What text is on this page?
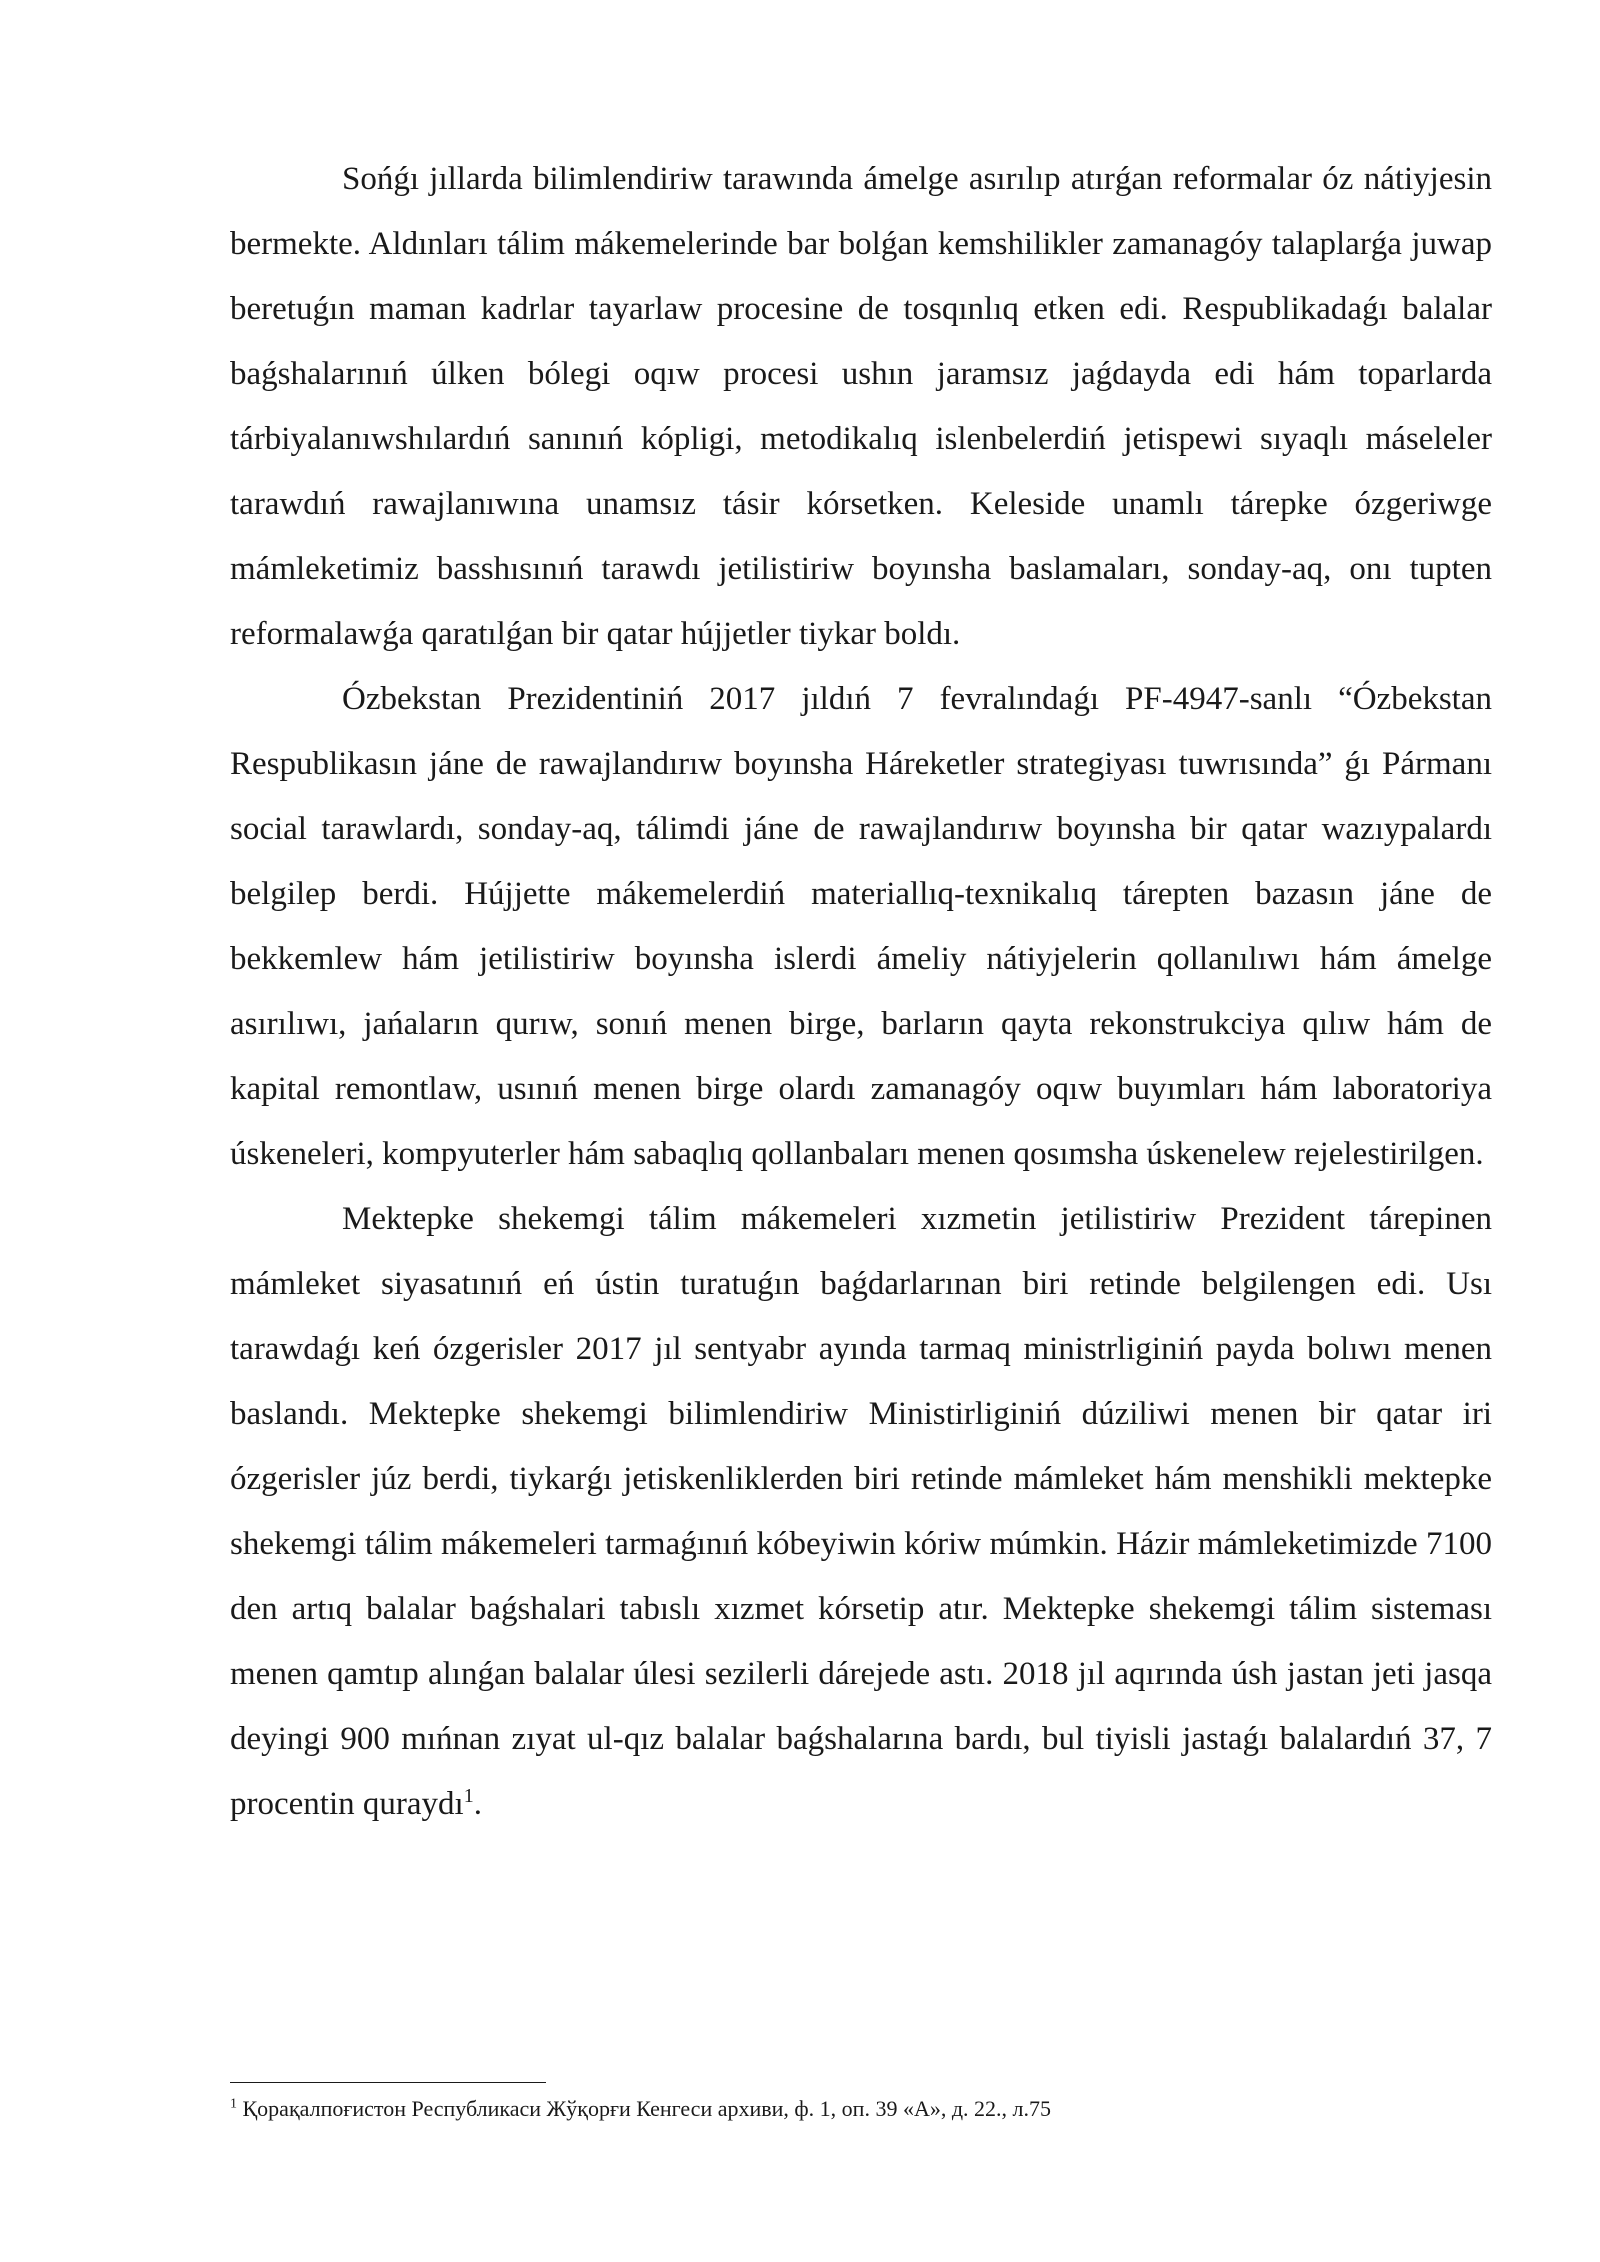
Sońǵı jıllarda bilimlendiriw tarawında ámelge asırılıp atırǵan reformalar óz nátiyjesin bermekte. Aldınları tálim mákemelerinde bar bolǵan kemshilikler zamanagóy talaplarǵa juwap beretuǵın maman kadrlar tayarlaw procesine de tosqınlıq etken edi. Respublikadaǵı balalar baǵshalarınıń úlken bólegi oqıw procesi ushın jaramsız jaǵdayda edi hám toparlarda tárbiyalanıwshılardıń sanınıń kópligi, metodikalıq islenbelerdiń jetispewi sıyaqlı máseleler tarawdıń rawajlanıwına unamsız tásir kórsetken. Keleside unamlı tárepke ózgeriwge mámleketimiz basshısınıń tarawdı jetilistiriw boyınsha baslamaları, sonday-aq, onı tupten reformalawǵa qaratılǵan bir qatar hújjetler tiykar boldı.

Ózbekstan Prezidentiniń 2017 jıldıń 7 fevralındaǵı PF-4947-sanlı “Ózbekstan Respublikasın jáne de rawajlandırıw boyınsha Háreketler strategiyası tuwrısında” ǵı Pármanı social tarawlardı, sonday-aq, tálimdi jáne de rawajlandırıw boyınsha bir qatar wazıypalardı belgilep berdi. Hújjette mákemelerdiń materiallıq-texnikalıq tárepten bazasın jáne de bekkemlew hám jetilistiriw boyınsha islerdi ámeliy nátiyjelerin qollanılıwı hám ámelge asırılıwı, jańaların qurıw, sonıń menen birge, barların qayta rekonstrukciya qılıw hám de kapital remontlaw, usınıń menen birge olardı zamanagóy oqıw buyımları hám laboratoriya úskeneleri, kompyuterler hám sabaqlıq qollanbaları menen qosımsha úskenelew rejelestirilgen.

Mektepke shekemgi tálim mákemeleri xızmetin jetilistiriw Prezident tárepinen mámleket siyasatınıń eń ústin turatuǵın baǵdarlarınan biri retinde belgilengen edi. Usı tarawdaǵı keń ózgerisler 2017 jıl sentyabr ayında tarmaq ministrliginiń payda bolıwı menen baslandı. Mektepke shekemgi bilimlendiriw Ministirliginiń dúziliwi menen bir qatar iri ózgerisler júz berdi, tiykarǵı jetiskenliklerden biri retinde mámleket hám menshikli mektepke shekemgi tálim mákemeleri tarmaǵınıń kóbeyiwin kóriw múmkin. Házir mámleketimizde 7100 den artıq balalar baǵshalari tabıslı xızmet kórsetip atır. Mektepke shekemgi tálim sisteması menen qamtıp alınǵan balalar úlesi sezilerli dárejede astı. 2018 jıl aqırında úsh jastan jeti jasqa deyingi 900 mıńnan zıyat ul-qız balalar baǵshalarına bardı, bul tiyisli jastaǵı balalardıń 37, 7 procentin quraydı$^1$.

$^1$ Қорақалпоғистон Республикаси Жўқорғи Кенгеси архиви, ф. 1, оп. 39 «А», д. 22., л.75
